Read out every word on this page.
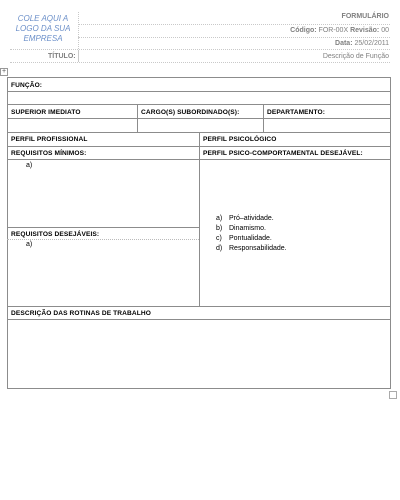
COLE AQUI A LOGO DA SUA EMPRESA
FORMULÁRIO
Código: FOR-00X Revisão: 00
Data: 25/02/2011
TÍTULO:	Descrição de Função
+
FUNÇÃO:
SUPERIOR IMEDIATO	CARGO(S) SUBORDINADO(S):	DEPARTAMENTO:
PERFIL PROFISSIONAL	PERFIL PSICOLÓGICO
REQUISITOS MÍNIMOS:	PERFIL PSICO-COMPORTAMENTAL DESEJÁVEL:
a)
REQUISITOS DESEJÁVEIS:
a)
a) Pró–atividade.
b) Dinamismo.
c) Pontualidade.
d) Responsabilidade.
DESCRIÇÃO DAS ROTINAS DE TRABALHO
